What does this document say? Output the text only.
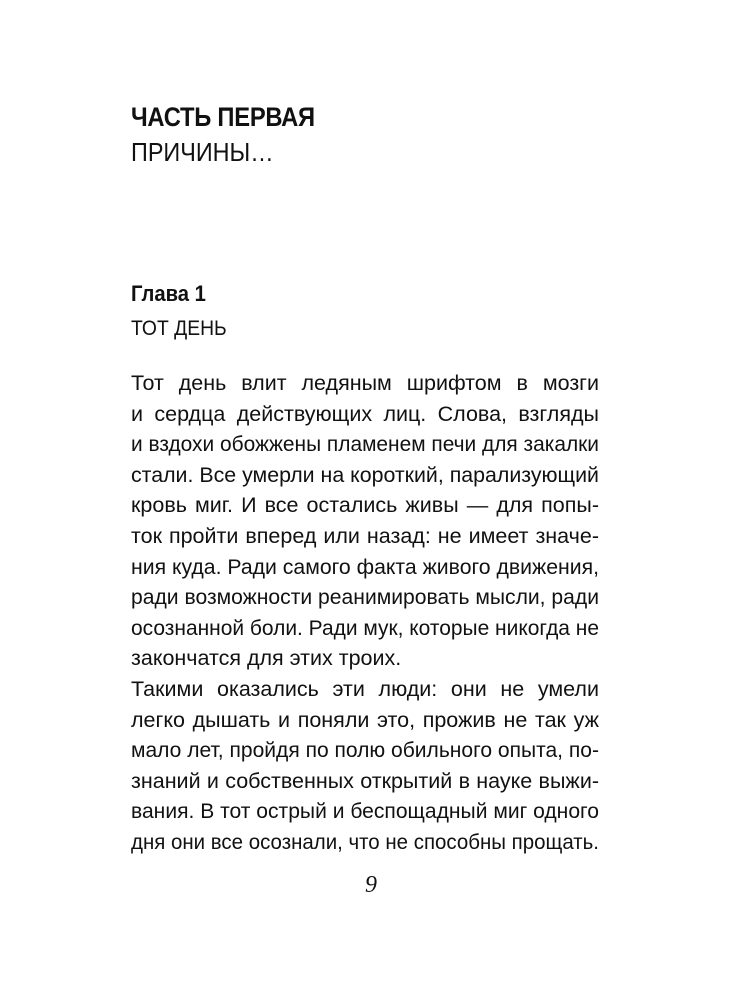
ЧАСТЬ ПЕРВАЯ
ПРИЧИНЫ…
Глава 1
ТОТ ДЕНЬ
Тот день влит ледяным шрифтом в мозги
и сердца действующих лиц. Слова, взгляды
и вздохи обожжены пламенем печи для закалки
стали. Все умерли на короткий, парализующий
кровь миг. И все остались живы — для попы-
ток пройти вперед или назад: не имеет значе-
ния куда. Ради самого факта живого движения,
ради возможности реанимировать мысли, ради
осознанной боли. Ради мук, которые никогда не
закончатся для этих троих.
Такими оказались эти люди: они не умели
легко дышать и поняли это, прожив не так уж
мало лет, пройдя по полю обильного опыта, по-
знаний и собственных открытий в науке выжи-
вания. В тот острый и беспощадный миг одного
дня они все осознали, что не способны прощать.
9
